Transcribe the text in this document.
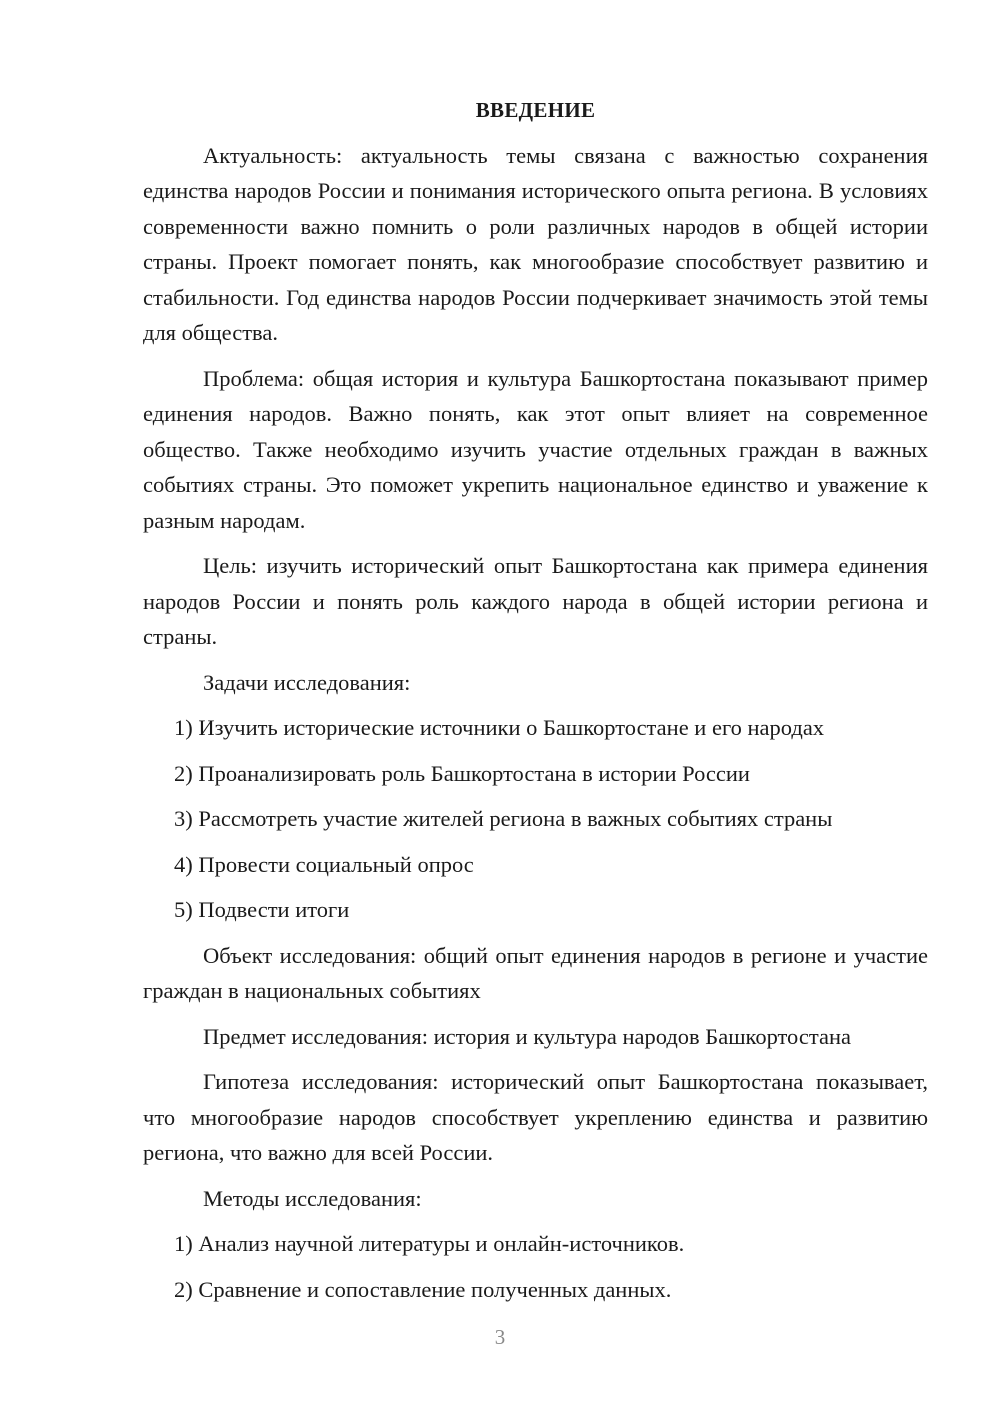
ВВЕДЕНИЕ

Актуальность: актуальность темы связана с важностью сохранения единства народов России и понимания исторического опыта региона. В условиях современности важно помнить о роли различных народов в общей истории страны. Проект помогает понять, как многообразие способствует развитию и стабильности. Год единства народов России подчеркивает значимость этой темы для общества.

Проблема: общая история и культура Башкортостана показывают пример единения народов. Важно понять, как этот опыт влияет на современное общество. Также необходимо изучить участие отдельных граждан в важных событиях страны. Это поможет укрепить национальное единство и уважение к разным народам.

Цель: изучить исторический опыт Башкортостана как примера единения народов России и понять роль каждого народа в общей истории региона и страны.

Задачи исследования:

1) Изучить исторические источники о Башкортостане и его народах

2) Проанализировать роль Башкортостана в истории России

3) Рассмотреть участие жителей региона в важных событиях страны

4) Провести социальный опрос

5) Подвести итоги

Объект исследования: общий опыт единения народов в регионе и участие граждан в национальных событиях

Предмет исследования: история и культура народов Башкортостана

Гипотеза исследования: исторический опыт Башкортостана показывает, что многообразие народов способствует укреплению единства и развитию региона, что важно для всей России.

Методы исследования:

1) Анализ научной литературы и онлайн-источников.

2) Сравнение и сопоставление полученных данных.

3
